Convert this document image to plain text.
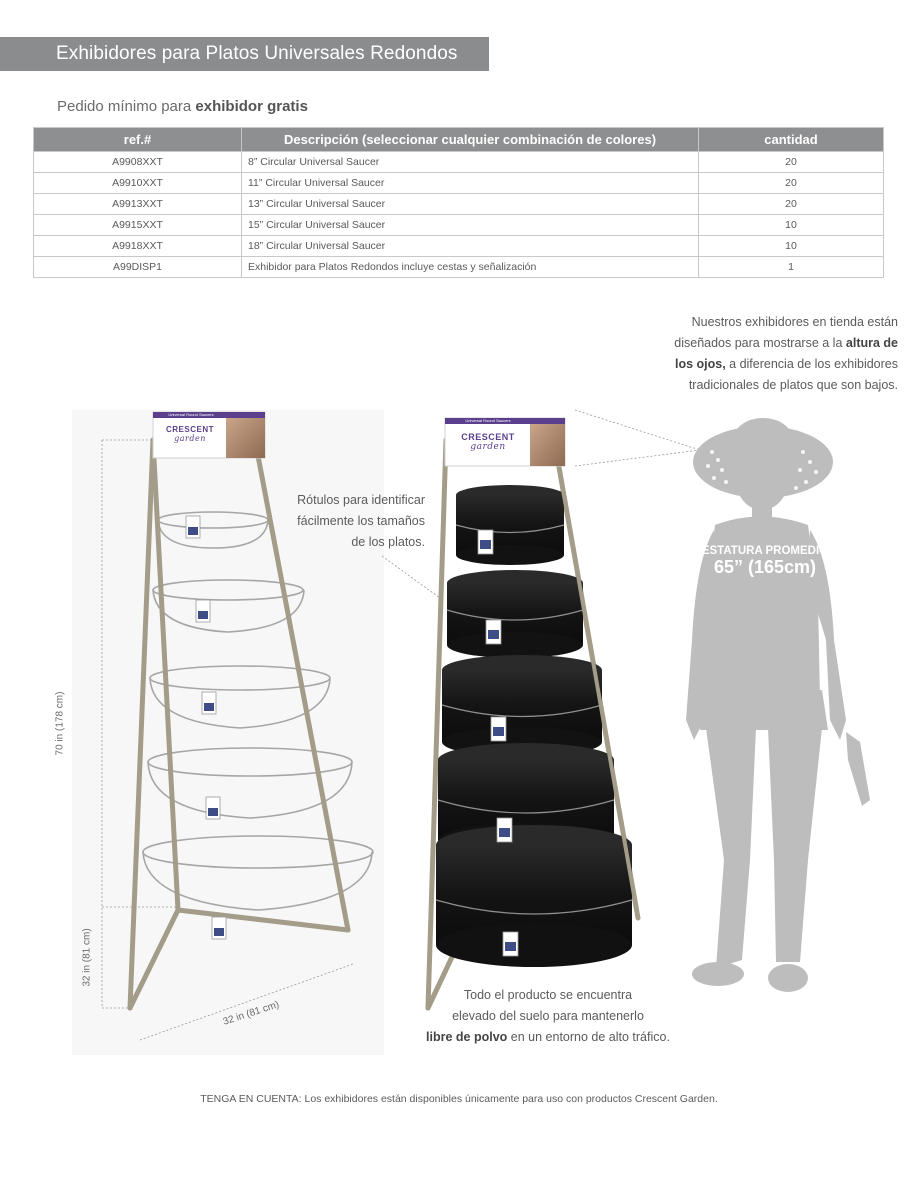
Exhibidores para Platos Universales Redondos
Pedido mínimo para exhibidor gratis
ref.#	Descripción (seleccionar cualquier combinación de colores)	cantidad
A9908XXT	8” Circular Universal Saucer	20
A9910XXT	11” Circular Universal Saucer	20
A9913XXT	13” Circular Universal Saucer	20
A9915XXT	15” Circular Universal Saucer	10
A9918XXT	18” Circular Universal Saucer	10
A99DISP1	Exhibidor para Platos Redondos incluye cestas y señalización	1
Nuestros exhibidores en tienda están
diseñados para mostrarse a la altura de
los ojos, a diferencia de los exhibidores
tradicionales de platos que son bajos.
CRESCENT
garden	CRESCENT
garden
Universal Round Saucers
Universal Round Saucers
70 in (178 cm)
32 in (81 cm)
32 in (81 cm)
Rótulos para identificar
fácilmente los tamaños
de los platos.
ESTATURA PROMEDIO
65” (165cm)
Todo el producto se encuentra
elevado del suelo para mantenerlo
libre de polvo en un entorno de alto tráfico.
TENGA EN CUENTA: Los exhibidores están disponibles únicamente para uso con productos Crescent Garden.
